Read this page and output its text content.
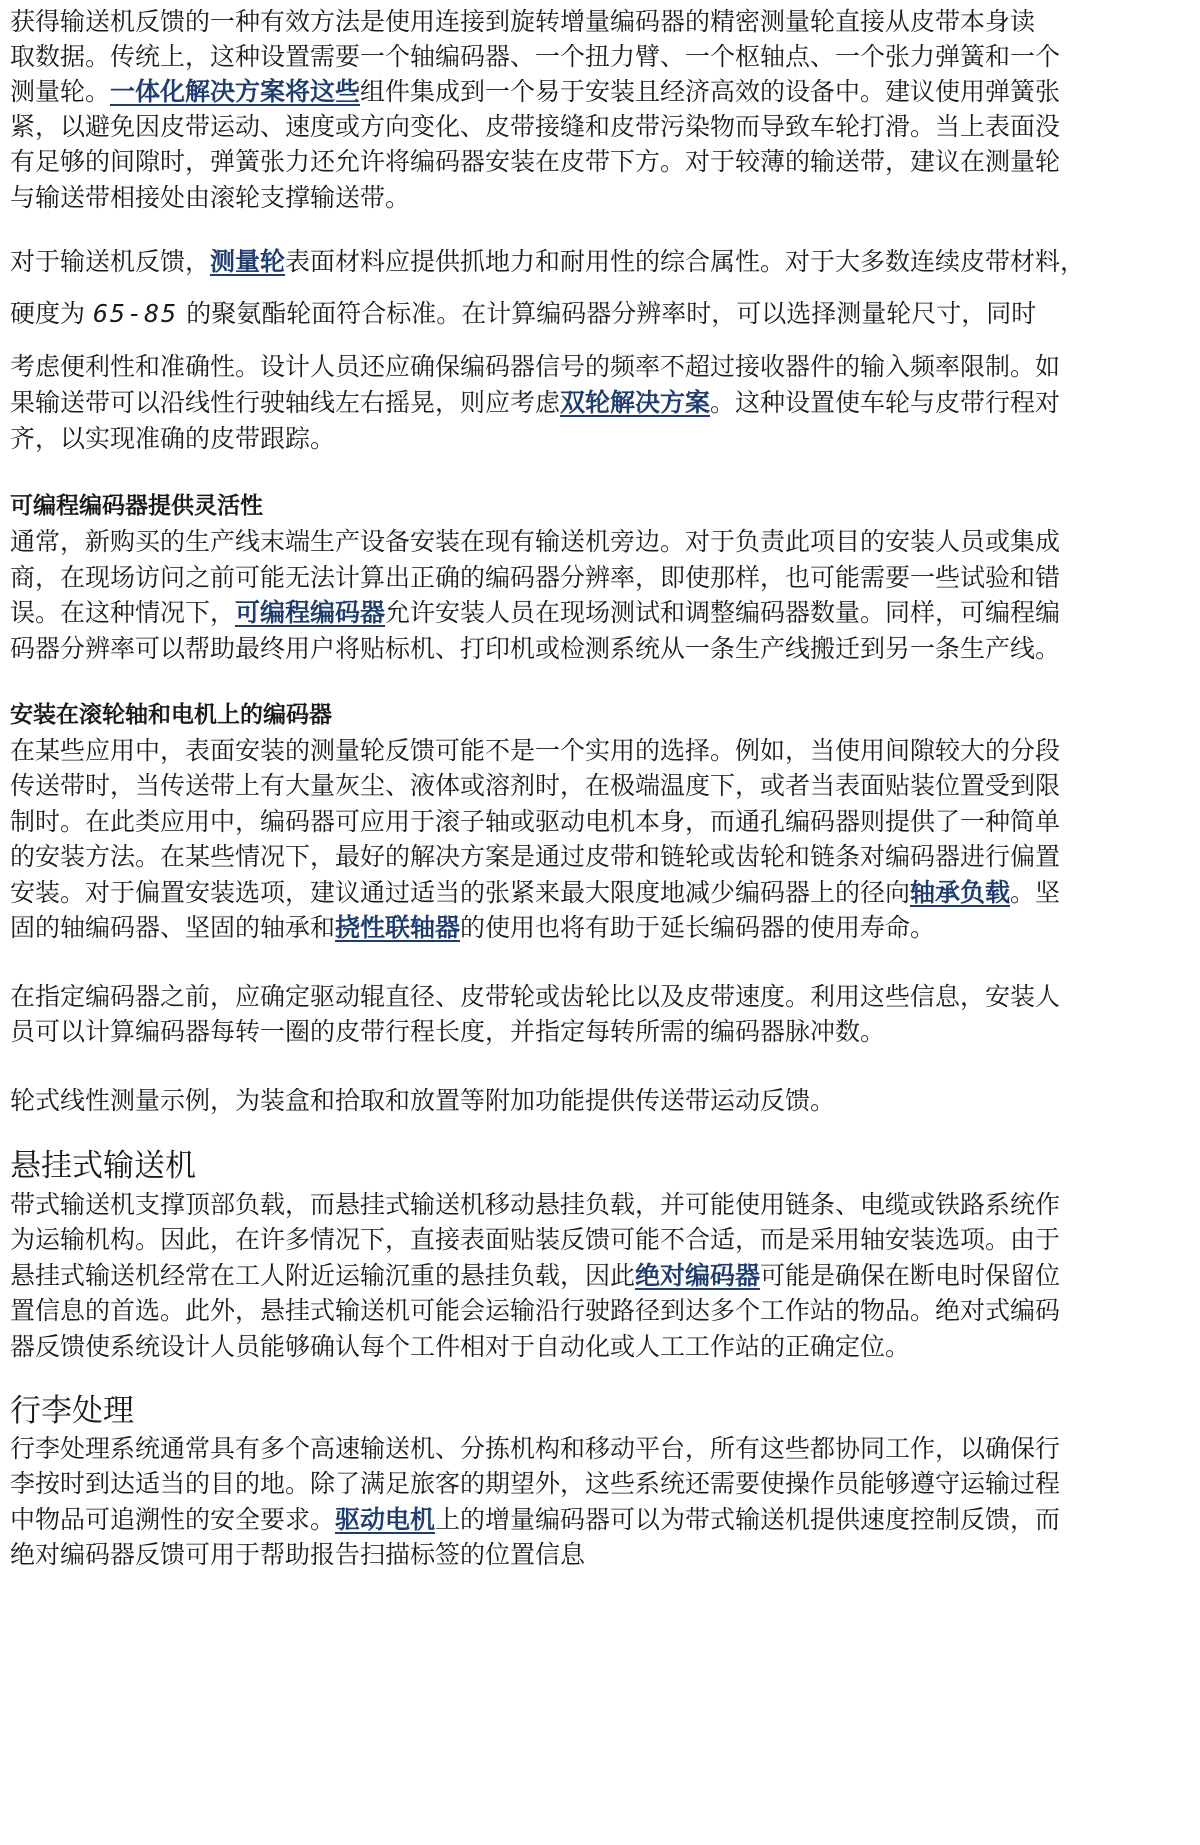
获得输送机反馈的一种有效方法是使用连接到旋转增量编码器的精密测量轮直接从皮带本身读
取数据。传统上，这种设置需要一个轴编码器、一个扭力臂、一个枢轴点、一个张力弹簧和一个
测量轮。一体化解决方案将这些组件集成到一个易于安装且经济高效的设备中。建议使用弹簧张
紧，以避免因皮带运动、速度或方向变化、皮带接缝和皮带污染物而导致车轮打滑。当上表面没
有足够的间隙时，弹簧张力还允许将编码器安装在皮带下方。对于较薄的输送带，建议在测量轮
与输送带相接处由滚轮支撑输送带。
对于输送机反馈，测量轮表面材料应提供抓地力和耐用性的综合属性。对于大多数连续皮带材料，
硬度为 65-85 的聚氨酯轮面符合标准。在计算编码器分辨率时，可以选择测量轮尺寸，同时
考虑便利性和准确性。设计人员还应确保编码器信号的频率不超过接收器件的输入频率限制。如
果输送带可以沿线性行驶轴线左右摇晃，则应考虑双轮解决方案。这种设置使车轮与皮带行程对
齐，以实现准确的皮带跟踪。
可编程编码器提供灵活性
通常，新购买的生产线末端生产设备安装在现有输送机旁边。对于负责此项目的安装人员或集成
商，在现场访问之前可能无法计算出正确的编码器分辨率，即使那样，也可能需要一些试验和错
误。在这种情况下，可编程编码器允许安装人员在现场测试和调整编码器数量。同样，可编程编
码器分辨率可以帮助最终用户将贴标机、打印机或检测系统从一条生产线搬迁到另一条生产线。
安装在滚轮轴和电机上的编码器
在某些应用中，表面安装的测量轮反馈可能不是一个实用的选择。例如，当使用间隙较大的分段
传送带时，当传送带上有大量灰尘、液体或溶剂时，在极端温度下，或者当表面贴装位置受到限
制时。在此类应用中，编码器可应用于滚子轴或驱动电机本身，而通孔编码器则提供了一种简单
的安装方法。在某些情况下，最好的解决方案是通过皮带和链轮或齿轮和链条对编码器进行偏置
安装。对于偏置安装选项，建议通过适当的张紧来最大限度地减少编码器上的径向轴承负载。坚
固的轴编码器、坚固的轴承和挠性联轴器的使用也将有助于延长编码器的使用寿命。
在指定编码器之前，应确定驱动辊直径、皮带轮或齿轮比以及皮带速度。利用这些信息，安装人
员可以计算编码器每转一圈的皮带行程长度，并指定每转所需的编码器脉冲数。
轮式线性测量示例，为装盒和拾取和放置等附加功能提供传送带运动反馈。
悬挂式输送机
带式输送机支撑顶部负载，而悬挂式输送机移动悬挂负载，并可能使用链条、电缆或铁路系统作
为运输机构。因此，在许多情况下，直接表面贴装反馈可能不合适，而是采用轴安装选项。由于
悬挂式输送机经常在工人附近运输沉重的悬挂负载，因此绝对编码器可能是确保在断电时保留位
置信息的首选。此外，悬挂式输送机可能会运输沿行驶路径到达多个工作站的物品。绝对式编码
器反馈使系统设计人员能够确认每个工件相对于自动化或人工工作站的正确定位。
行李处理
行李处理系统通常具有多个高速输送机、分拣机构和移动平台，所有这些都协同工作，以确保行
李按时到达适当的目的地。除了满足旅客的期望外，这些系统还需要使操作员能够遵守运输过程
中物品可追溯性的安全要求。驱动电机上的增量编码器可以为带式输送机提供速度控制反馈，而
绝对编码器反馈可用于帮助报告扫描标签的位置信息
